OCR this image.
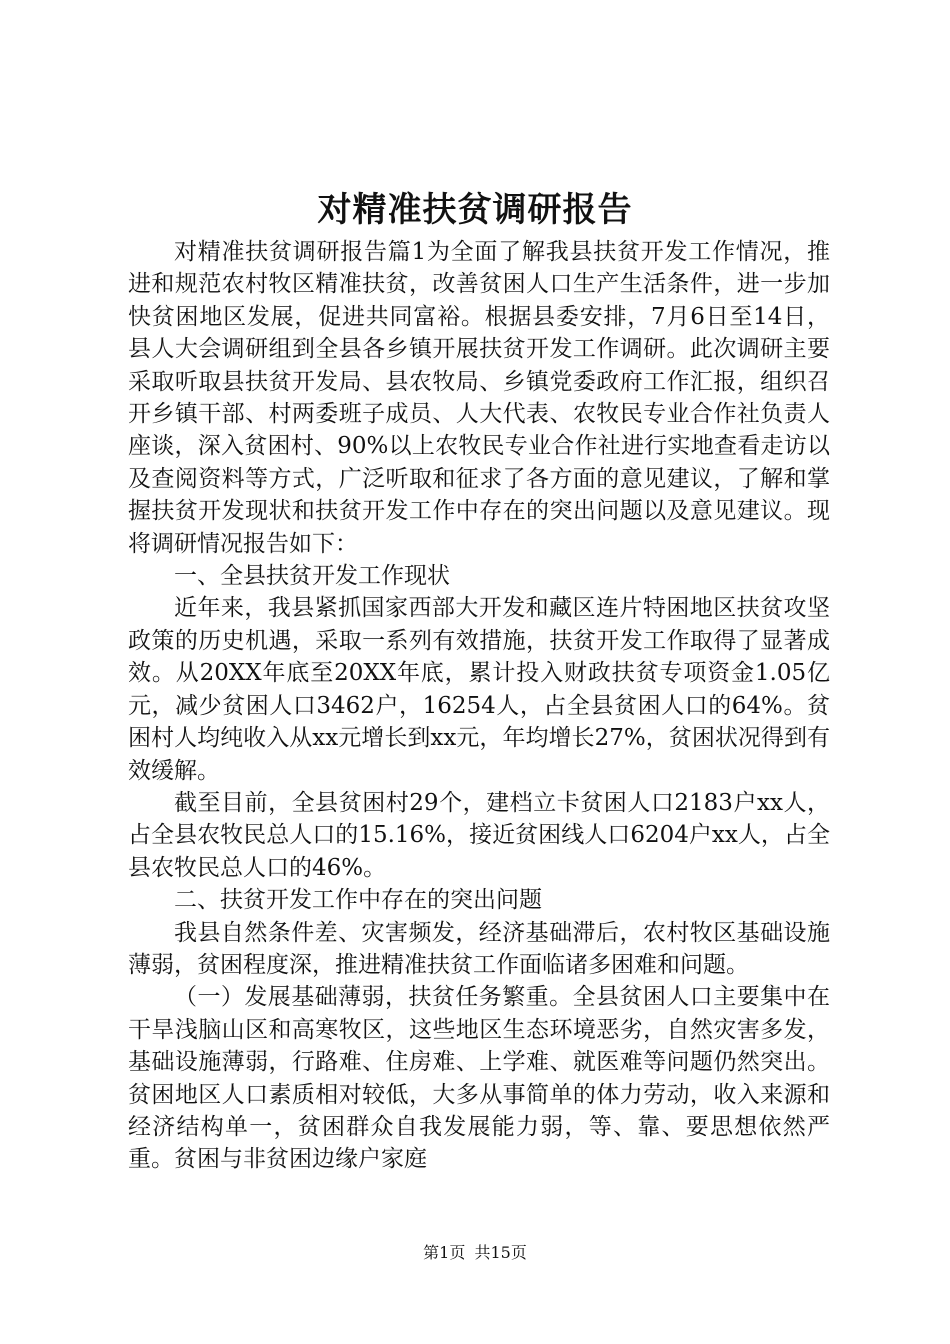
对精准扶贫调研报告

对精准扶贫调研报告篇1为全面了解我县扶贫开发工作情况，推进和规范农村牧区精准扶贫，改善贫困人口生产生活条件，进一步加快贫困地区发展，促进共同富裕。根据县委安排，7月6日至14日，县人大会调研组到全县各乡镇开展扶贫开发工作调研。此次调研主要采取听取县扶贫开发局、县农牧局、乡镇党委政府工作汇报，组织召开乡镇干部、村两委班子成员、人大代表、农牧民专业合作社负责人座谈，深入贫困村、90%以上农牧民专业合作社进行实地查看走访以及查阅资料等方式，广泛听取和征求了各方面的意见建议，了解和掌握扶贫开发现状和扶贫开发工作中存在的突出问题以及意见建议。现将调研情况报告如下：

一、全县扶贫开发工作现状

近年来，我县紧抓国家西部大开发和藏区连片特困地区扶贫攻坚政策的历史机遇，采取一系列有效措施，扶贫开发工作取得了显著成效。从20XX年底至20XX年底，累计投入财政扶贫专项资金1.05亿元，减少贫困人口3462户，16254人，占全县贫困人口的64%。贫困村人均纯收入从xx元增长到xx元，年均增长27%，贫困状况得到有效缓解。

截至目前，全县贫困村29个，建档立卡贫困人口2183户xx人，占全县农牧民总人口的15.16%，接近贫困线人口6204户xx人，占全县农牧民总人口的46%。

二、扶贫开发工作中存在的突出问题

我县自然条件差、灾害频发，经济基础滞后，农村牧区基础设施薄弱，贫困程度深，推进精准扶贫工作面临诸多困难和问题。

（一）发展基础薄弱，扶贫任务繁重。全县贫困人口主要集中在干旱浅脑山区和高寒牧区，这些地区生态环境恶劣，自然灾害多发，基础设施薄弱，行路难、住房难、上学难、就医难等问题仍然突出。贫困地区人口素质相对较低，大多从事简单的体力劳动，收入来源和经济结构单一，贫困群众自我发展能力弱，等、靠、要思想依然严重。贫困与非贫困边缘户家庭

第1页 共15页
